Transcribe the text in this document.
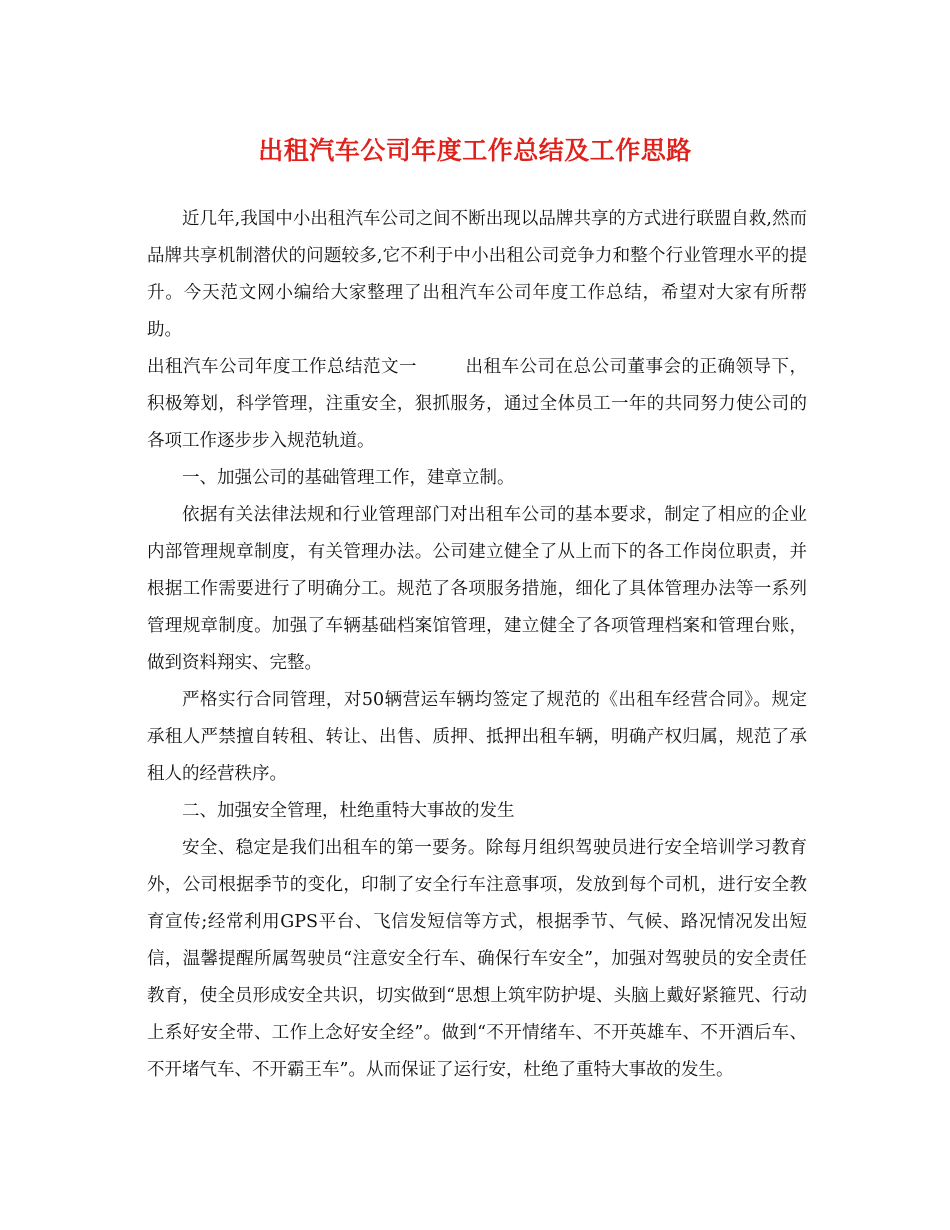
出租汽车公司年度工作总结及工作思路

近几年,我国中小出租汽车公司之间不断出现以品牌共享的方式进行联盟自救,然而品牌共享机制潜伏的问题较多,它不利于中小出租公司竞争力和整个行业管理水平的提升。今天范文网小编给大家整理了出租汽车公司年度工作总结，希望对大家有所帮助。

出租汽车公司年度工作总结范文一	出租车公司在总公司董事会的正确领导下，积极筹划，科学管理，注重安全，狠抓服务，通过全体员工一年的共同努力使公司的各项工作逐步步入规范轨道。

一、加强公司的基础管理工作，建章立制。

依据有关法律法规和行业管理部门对出租车公司的基本要求，制定了相应的企业内部管理规章制度，有关管理办法。公司建立健全了从上而下的各工作岗位职责，并根据工作需要进行了明确分工。规范了各项服务措施，细化了具体管理办法等一系列管理规章制度。加强了车辆基础档案馆管理，建立健全了各项管理档案和管理台账，做到资料翔实、完整。

严格实行合同管理，对50辆营运车辆均签定了规范的《出租车经营合同》。规定承租人严禁擅自转租、转让、出售、质押、抵押出租车辆，明确产权归属，规范了承租人的经营秩序。

二、加强安全管理，杜绝重特大事故的发生

安全、稳定是我们出租车的第一要务。除每月组织驾驶员进行安全培训学习教育外，公司根据季节的变化，印制了安全行车注意事项，发放到每个司机，进行安全教育宣传;经常利用GPS平台、飞信发短信等方式，根据季节、气候、路况情况发出短信，温馨提醒所属驾驶员“注意安全行车、确保行车安全”，加强对驾驶员的安全责任教育，使全员形成安全共识，切实做到“思想上筑牢防护堤、头脑上戴好紧箍咒、行动上系好安全带、工作上念好安全经”。做到“不开情绪车、不开英雄车、不开酒后车、不开堵气车、不开霸王车”。从而保证了运行安，杜绝了重特大事故的发生。
